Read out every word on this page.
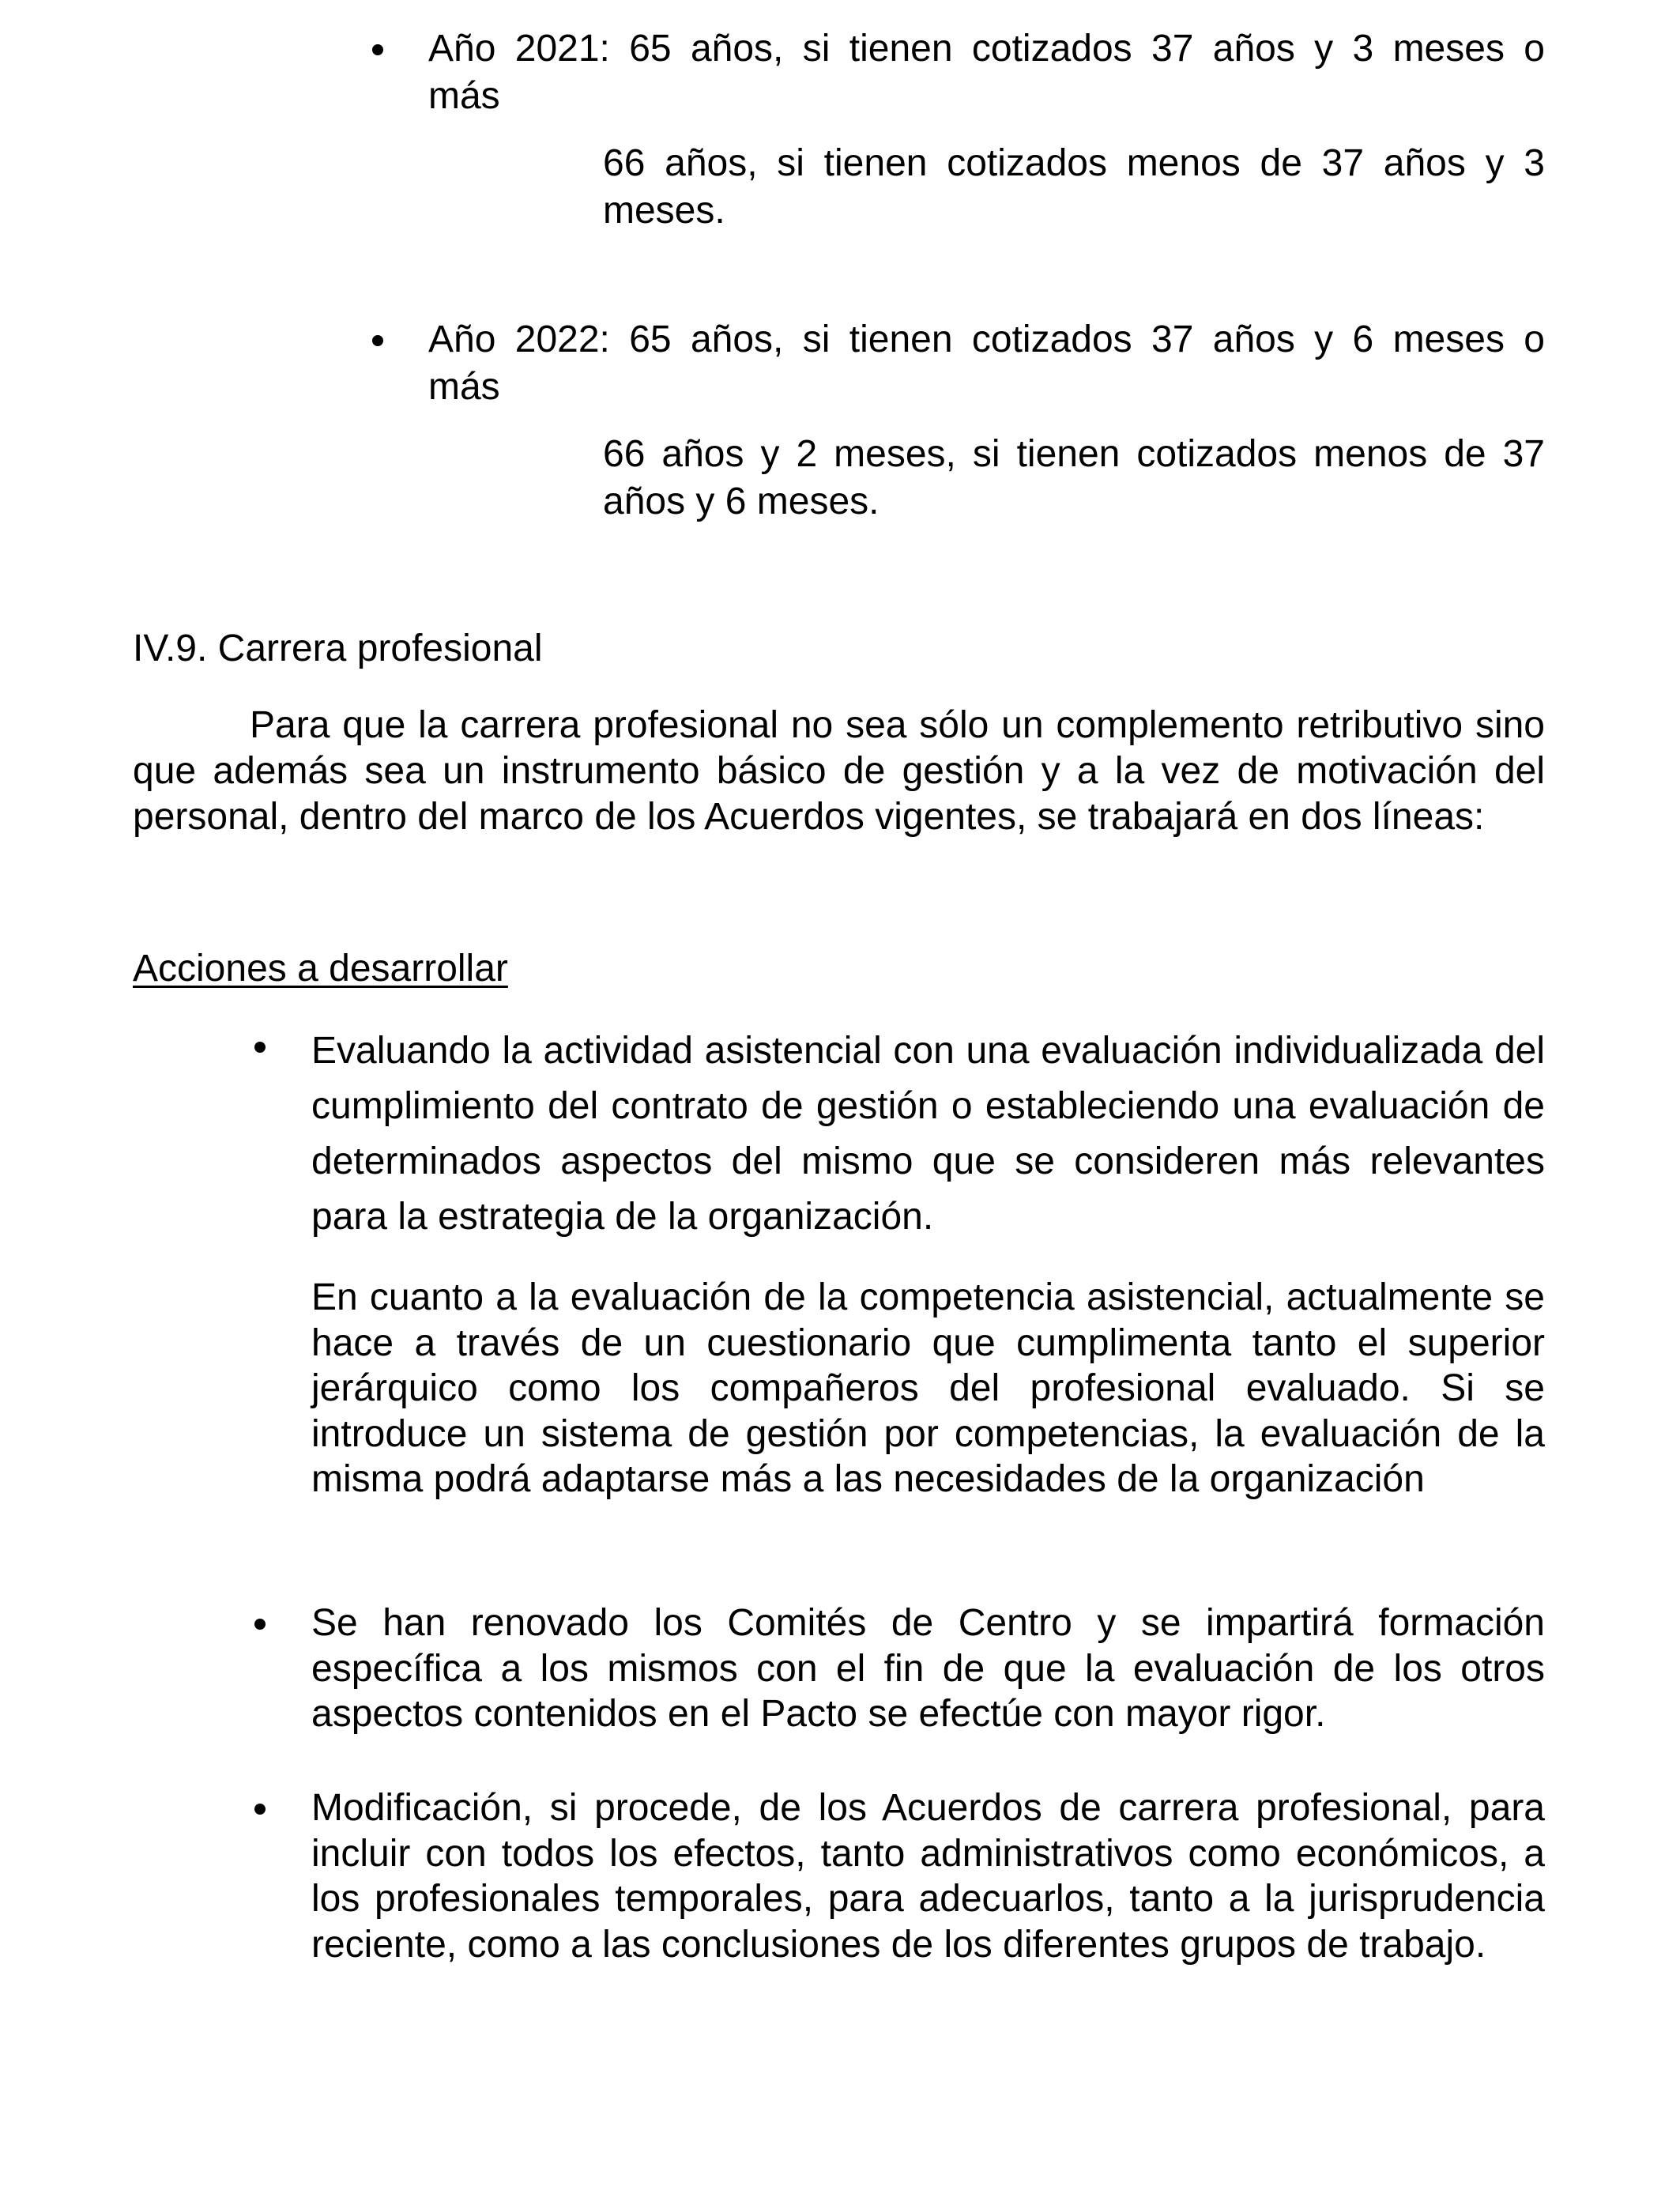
Año 2021: 65 años, si tienen cotizados 37 años y 3 meses o
más
66 años, si tienen cotizados menos de 37 años y 3
meses.
Año 2022: 65 años, si tienen cotizados 37 años y 6 meses o
más
66 años y 2 meses, si tienen cotizados menos de 37
años y 6 meses.
IV.9. Carrera profesional
Para que la carrera profesional no sea sólo un complemento retributivo sino que además sea un instrumento básico de gestión y a la vez de motivación del personal, dentro del marco de los Acuerdos vigentes, se trabajará en dos líneas:
Acciones a desarrollar
Evaluando la actividad asistencial con una evaluación individualizada del cumplimiento del contrato de gestión o estableciendo una evaluación de determinados aspectos del mismo que se consideren más relevantes para la estrategia de la organización.
En cuanto a la evaluación de la competencia asistencial, actualmente se hace a través de un cuestionario que cumplimenta tanto el superior jerárquico como los compañeros del profesional evaluado. Si se introduce un sistema de gestión por competencias, la evaluación de la misma podrá adaptarse más a las necesidades de la organización
Se han renovado los Comités de Centro y se impartirá formación específica a los mismos con el fin de que la evaluación de los otros aspectos contenidos en el Pacto se efectúe con mayor rigor.
Modificación, si procede, de los Acuerdos de carrera profesional, para incluir con todos los efectos, tanto administrativos como económicos, a los profesionales temporales, para adecuarlos, tanto a la jurisprudencia reciente, como a las conclusiones de los diferentes grupos de trabajo.
